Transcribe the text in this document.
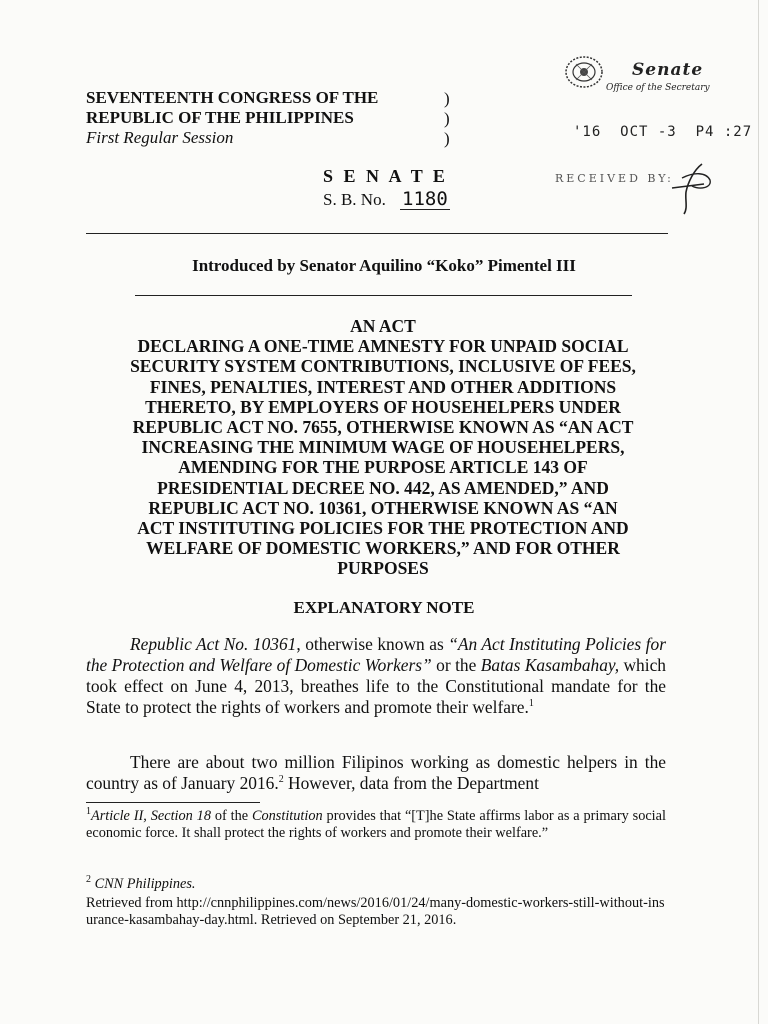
SEVENTEENTH CONGRESS OF THE
REPUBLIC OF THE PHILIPPINES
First Regular Session
)
)
)
Senate
Office of the Secretary
'16  OCT -3  P4 :27
RECEIVED BY:
S E N A T E
S. B. No. 1180
Introduced by Senator Aquilino “Koko” Pimentel III
AN ACT
DECLARING A ONE-TIME AMNESTY FOR UNPAID SOCIAL
SECURITY SYSTEM CONTRIBUTIONS, INCLUSIVE OF FEES,
FINES, PENALTIES, INTEREST AND OTHER ADDITIONS
THERETO, BY EMPLOYERS OF HOUSEHELPERS UNDER
REPUBLIC ACT NO. 7655, OTHERWISE KNOWN AS “AN ACT
INCREASING THE MINIMUM WAGE OF HOUSEHELPERS,
AMENDING FOR THE PURPOSE ARTICLE 143 OF
PRESIDENTIAL DECREE NO. 442, AS AMENDED,” AND
REPUBLIC ACT NO. 10361, OTHERWISE KNOWN AS “AN
ACT INSTITUTING POLICIES FOR THE PROTECTION AND
WELFARE OF DOMESTIC WORKERS,” AND FOR OTHER
PURPOSES
EXPLANATORY NOTE
Republic Act No. 10361, otherwise known as “An Act Instituting Policies for the Protection and Welfare of Domestic Workers” or the Batas Kasambahay, which took effect on June 4, 2013, breathes life to the Constitutional mandate for the State to protect the rights of workers and promote their welfare.$^1$
There are about two million Filipinos working as domestic helpers in the country as of January 2016.$^2$ However, data from the Department
$^1$Article II, Section 18 of the Constitution provides that “[T]he State affirms labor as a primary social economic force. It shall protect the rights of workers and promote their welfare.”
$^2$ CNN Philippines.
Retrieved from http://cnnphilippines.com/news/2016/01/24/many-domestic-workers-still-without-insurance-kasambahay-day.html. Retrieved on September 21, 2016.
